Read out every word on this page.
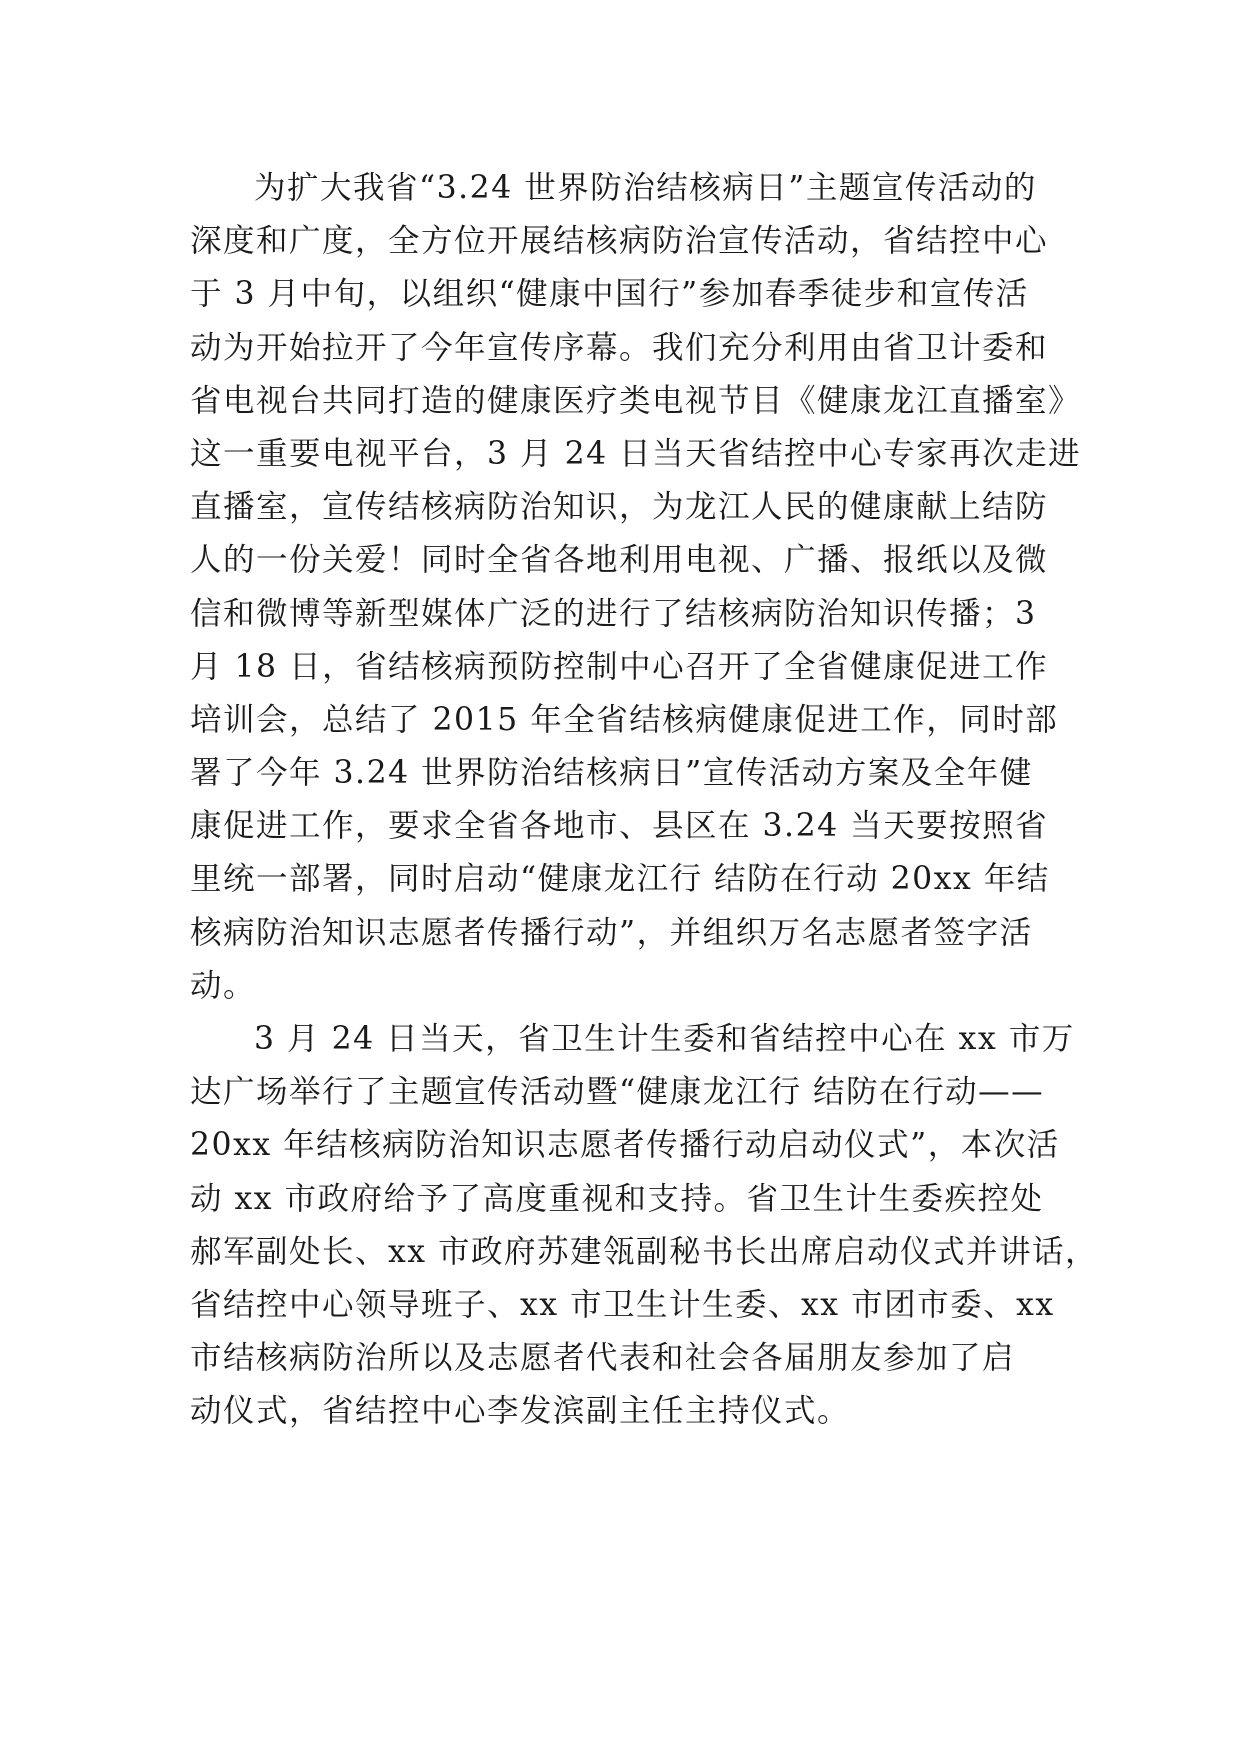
为扩大我省“3.24 世界防治结核病日”主题宣传活动的
深度和广度，全方位开展结核病防治宣传活动，省结控中心
于 3 月中旬，以组织“健康中国行”参加春季徒步和宣传活
动为开始拉开了今年宣传序幕。我们充分利用由省卫计委和
省电视台共同打造的健康医疗类电视节目《健康龙江直播室》
这一重要电视平台，3 月 24 日当天省结控中心专家再次走进
直播室，宣传结核病防治知识，为龙江人民的健康献上结防
人的一份关爱！同时全省各地利用电视、广播、报纸以及微
信和微博等新型媒体广泛的进行了结核病防治知识传播；3
月 18 日，省结核病预防控制中心召开了全省健康促进工作
培训会，总结了 2015 年全省结核病健康促进工作，同时部
署了今年 3.24 世界防治结核病日”宣传活动方案及全年健
康促进工作，要求全省各地市、县区在 3.24 当天要按照省
里统一部署，同时启动“健康龙江行 结防在行动 20xx 年结
核病防治知识志愿者传播行动”，并组织万名志愿者签字活
动。
3 月 24 日当天，省卫生计生委和省结控中心在 xx 市万
达广场举行了主题宣传活动暨“健康龙江行 结防在行动——
20xx 年结核病防治知识志愿者传播行动启动仪式”，本次活
动 xx 市政府给予了高度重视和支持。省卫生计生委疾控处
郝军副处长、xx 市政府苏建瓴副秘书长出席启动仪式并讲话，
省结控中心领导班子、xx 市卫生计生委、xx 市团市委、xx
市结核病防治所以及志愿者代表和社会各届朋友参加了启
动仪式，省结控中心李发滨副主任主持仪式。
